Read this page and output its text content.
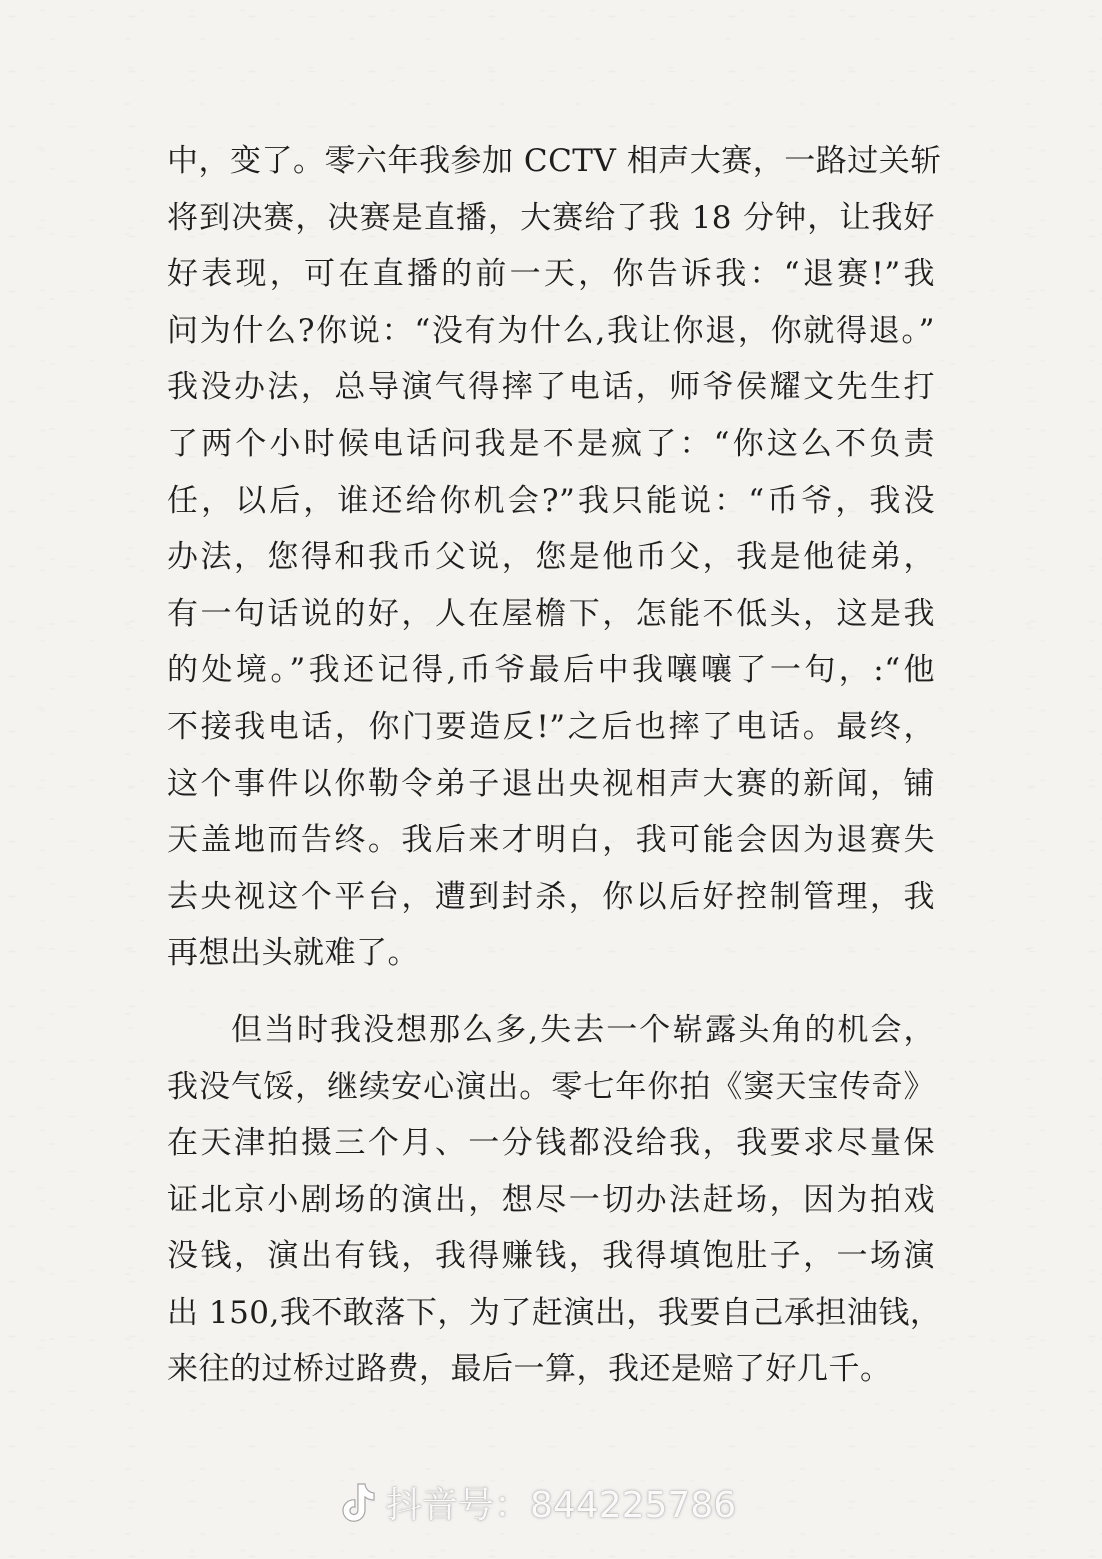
中，变了。零六年我参加 CCTV 相声大赛，一路过关斩
将到决赛，决赛是直播，大赛给了我 18 分钟，让我好
好表现，可在直播的前一天，你告诉我：“退赛!”我
问为什么?你说：“没有为什么,我让你退，你就得退。”
我没办法，总导演气得摔了电话，师爷侯耀文先生打
了两个小时候电话问我是不是疯了：“你这么不负责
任，以后，谁还给你机会?”我只能说：“币爷，我没
办法，您得和我币父说，您是他币父，我是他徒弟，
有一句话说的好，人在屋檐下，怎能不低头，这是我
的处境。”我还记得,币爷最后中我嚷嚷了一句，:“他
不接我电话，你门要造反!”之后也摔了电话。最终，
这个事件以你勒令弟子退出央视相声大赛的新闻，铺
天盖地而告终。我后来才明白，我可能会因为退赛失
去央视这个平台，遭到封杀，你以后好控制管理，我
再想出头就难了。
但当时我没想那么多,失去一个崭露头角的机会，
我没气馁，继续安心演出。零七年你拍《窦天宝传奇》
在天津拍摄三个月、一分钱都没给我，我要求尽量保
证北京小剧场的演出，想尽一切办法赶场，因为拍戏
没钱，演出有钱，我得赚钱，我得填饱肚子，一场演
出 150,我不敢落下，为了赶演出，我要自己承担油钱，
来往的过桥过路费，最后一算，我还是赔了好几千。
抖音号：844225786
